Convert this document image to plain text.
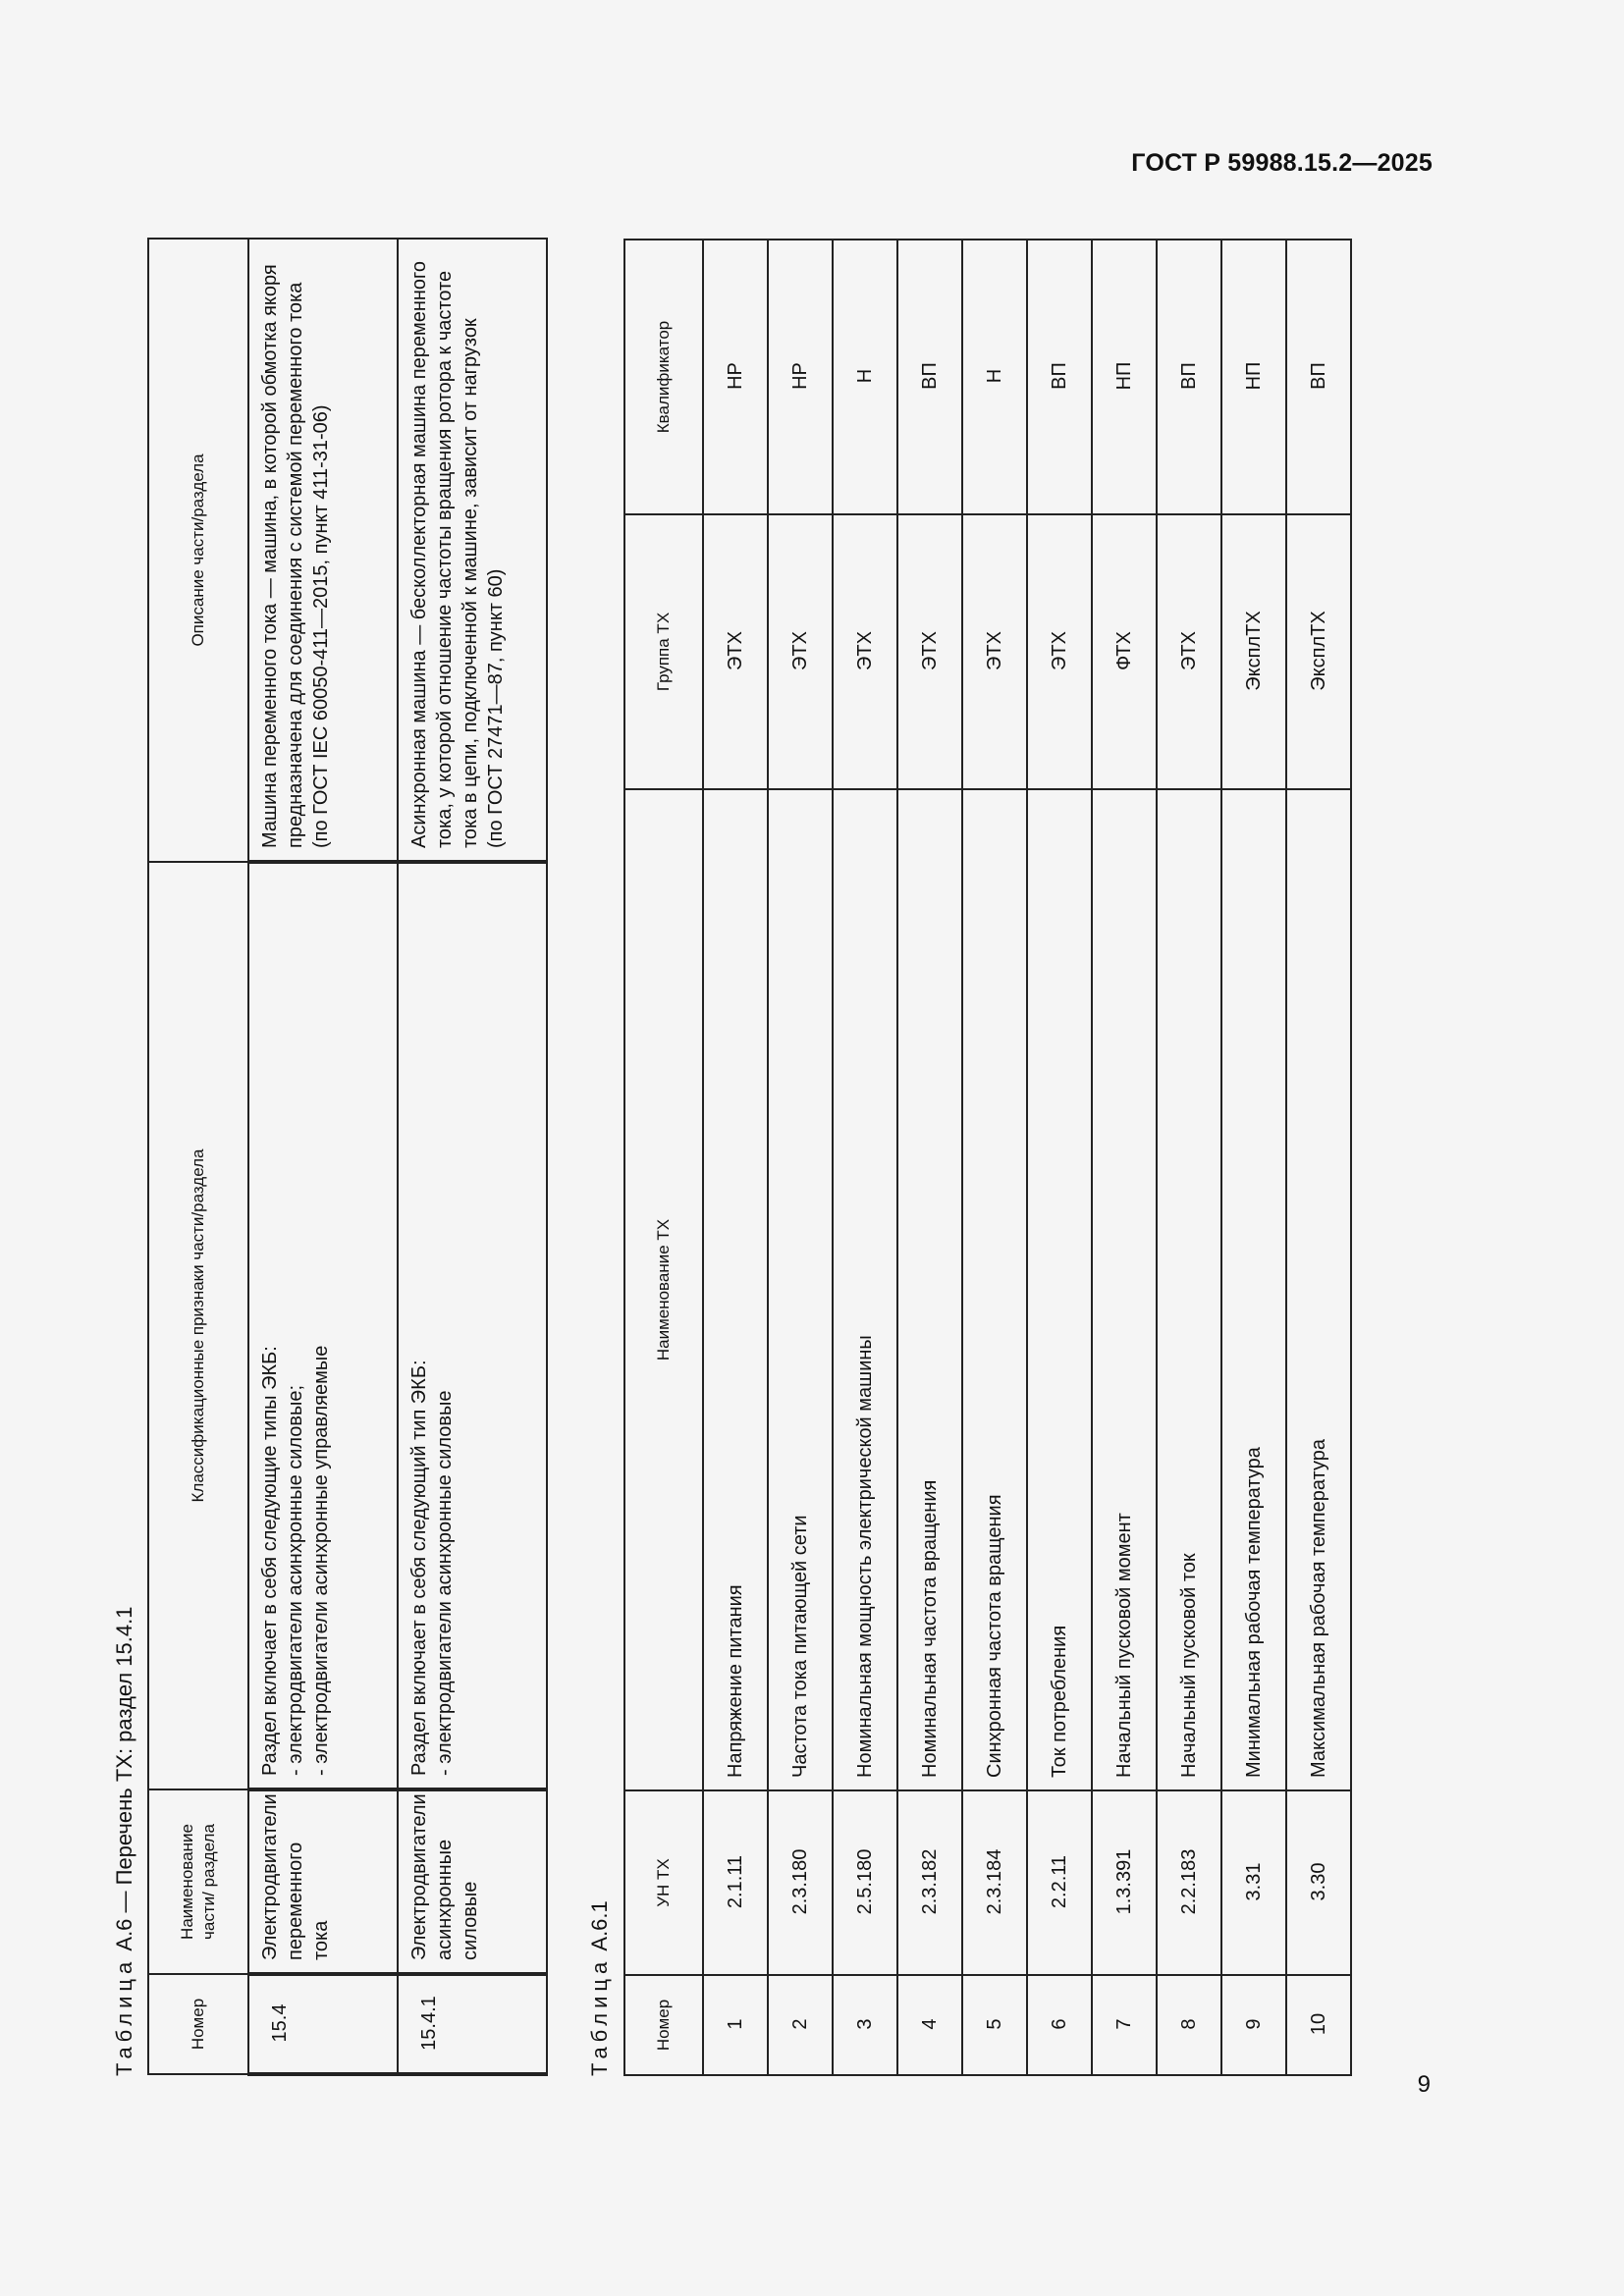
ГОСТ Р 59988.15.2—2025
Таблица А.6 — Перечень ТХ: раздел 15.4.1
Номер	Наименование части/ раздела	Классификационные признаки части/раздела	Описание части/раздела
15.4	Электродвигатели переменного тока	Раздел включает в себя следующие типы ЭКБ: - электродвигатели асинхронные силовые; - электродвигатели асинхронные управляемые	Машина переменного тока — машина, в которой обмотка якоря предназначена для соединения с системой переменного тока (по ГОСТ IEC 60050-411—2015, пункт 411-31-06)

15.4.1	Электродвигатели асинхронные силовые	Раздел включает в себя следующий тип ЭКБ: - электродвигатели асинхронные силовые	Асинхронная машина — бесколлекторная машина переменного тока, у которой отношение частоты вращения ротора к частоте тока в цепи, подключенной к машине, зависит от нагрузок (по ГОСТ 27471—87, пункт 60)
Таблица А.6.1
Номер	УН ТХ	Наименование ТХ	Группа ТХ	Квалификатор
1	2.1.11	Напряжение питания	ЭТХ	НР
2	2.3.180	Частота тока питающей сети	ЭТХ	НР
3	2.5.180	Номинальная мощность электрической машины	ЭТХ	Н
4	2.3.182	Номинальная частота вращения	ЭТХ	ВП
5	2.3.184	Синхронная частота вращения	ЭТХ	Н
6	2.2.11	Ток потребления	ЭТХ	ВП
7	1.3.391	Начальный пусковой момент	ФТХ	НП
8	2.2.183	Начальный пусковой ток	ЭТХ	ВП
9	3.31	Минимальная рабочая температура	ЭксплТХ	НП
10	3.30	Максимальная рабочая температура	ЭксплТХ	ВП
9
